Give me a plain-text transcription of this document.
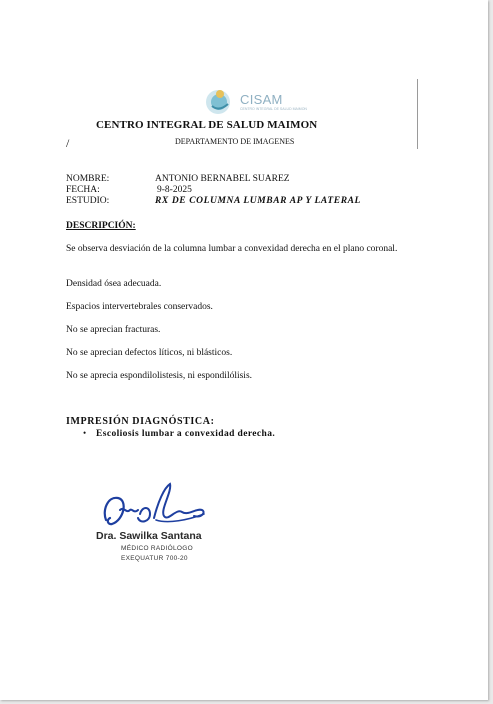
CISAM
CENTRO INTEGRAL DE SALUD MAIMON
CENTRO INTEGRAL DE SALUD MAIMON
/	DEPARTAMENTO DE IMAGENES
NOMBRE:	ANTONIO BERNABEL SUAREZ
FECHA:	9-8-2025
ESTUDIO:	RX DE COLUMNA LUMBAR AP Y LATERAL
DESCRIPCIÓN:
Se observa desviación de la columna lumbar a convexidad derecha en el plano coronal.
Densidad ósea adecuada.
Espacios intervertebrales conservados.
No se aprecian fracturas.
No se aprecian defectos líticos, ni blásticos.
No se aprecia espondilolistesis, ni espondilólisis.
IMPRESIÓN DIAGNÓSTICA:
• Escoliosis lumbar a convexidad derecha.
Dra. Sawilka Santana
MÉDICO RADIÓLOGO
EXEQUATUR 700-20
